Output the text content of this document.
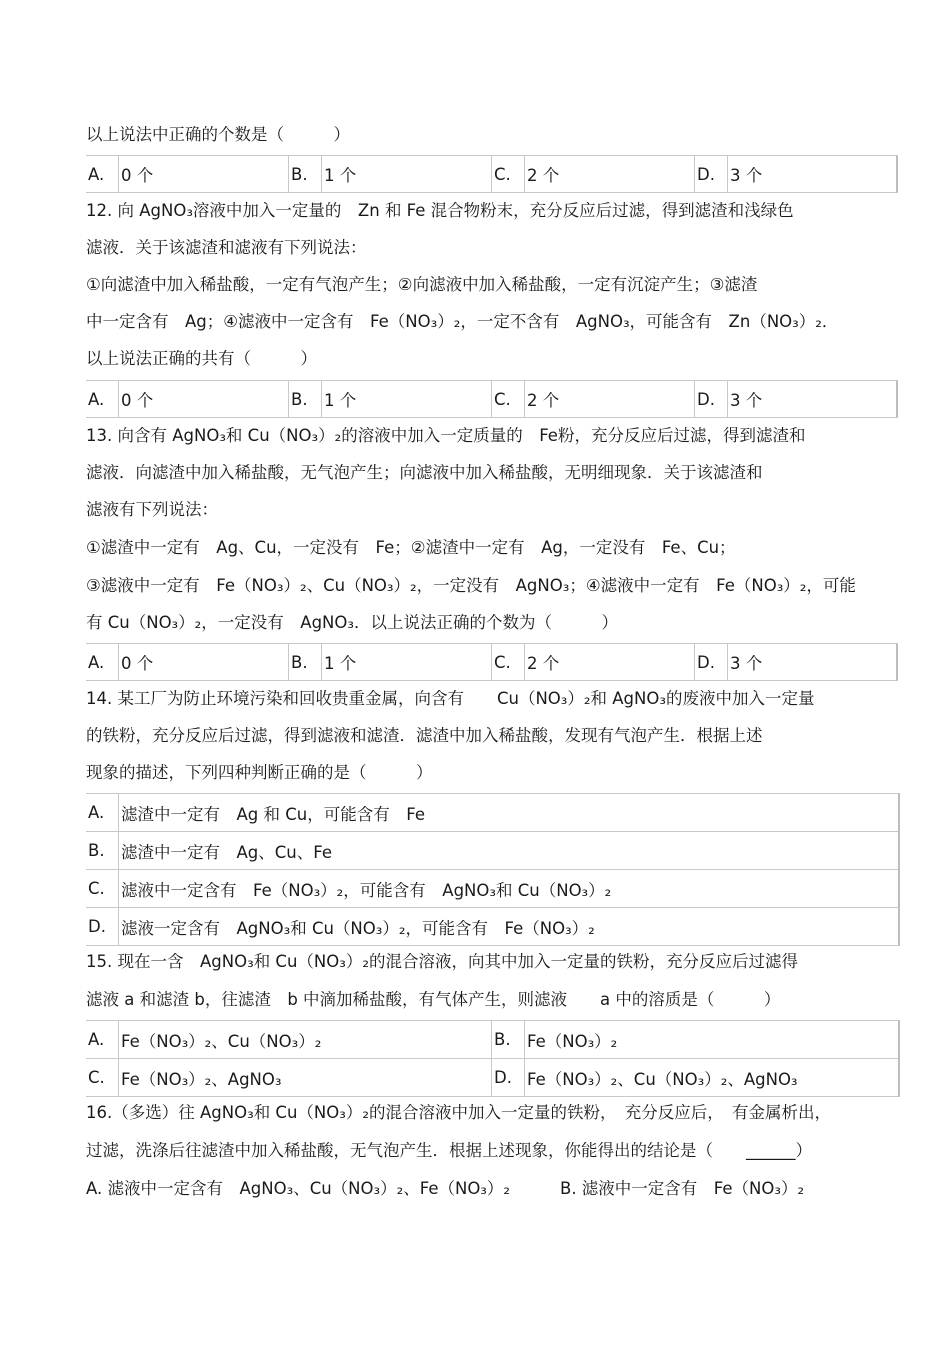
以上说法中正确的个数是（　　　）
A.	0 个	B. 1 个	C. 2 个	D. 3 个
12. 向 AgNO₃溶液中加入一定量的　Zn 和 Fe 混合物粉末，充分反应后过滤，得到滤渣和浅绿色
滤液．关于该滤渣和滤液有下列说法：
①向滤渣中加入稀盐酸，一定有气泡产生；②向滤液中加入稀盐酸，一定有沉淀产生；③滤渣
中一定含有　Ag；④滤液中一定含有　Fe（NO₃）₂，一定不含有　AgNO₃，可能含有　Zn（NO₃）₂．
以上说法正确的共有（　　　）
A.	0 个	B. 1 个	C. 2 个	D. 3 个
13. 向含有 AgNO₃和 Cu（NO₃）₂的溶液中加入一定质量的　Fe粉，充分反应后过滤，得到滤渣和
滤液．向滤渣中加入稀盐酸，无气泡产生；向滤液中加入稀盐酸，无明细现象．关于该滤渣和
滤液有下列说法：
①滤渣中一定有　Ag、Cu，一定没有　Fe；②滤渣中一定有　Ag，一定没有　Fe、Cu；
③滤液中一定有　Fe（NO₃）₂、Cu（NO₃）₂，一定没有　AgNO₃；④滤液中一定有　Fe（NO₃）₂，可能
有 Cu（NO₃）₂，一定没有　AgNO₃．以上说法正确的个数为（　　　）
A.	0 个	B. 1 个	C. 2 个	D. 3 个
14. 某工厂为防止环境污染和回收贵重金属，向含有　　Cu（NO₃）₂和 AgNO₃的废液中加入一定量
的铁粉，充分反应后过滤，得到滤液和滤渣．滤渣中加入稀盐酸，发现有气泡产生．根据上述
现象的描述，下列四种判断正确的是（　　　）
A.	滤渣中一定有　Ag 和 Cu，可能含有　Fe
B. 滤渣中一定有　Ag、Cu、Fe
C. 滤液中一定含有　Fe（NO₃）₂，可能含有　AgNO₃和 Cu（NO₃）₂
D. 滤液一定含有　AgNO₃和 Cu（NO₃）₂，可能含有　Fe（NO₃）₂
15. 现在一含　AgNO₃和 Cu（NO₃）₂的混合溶液，向其中加入一定量的铁粉，充分反应后过滤得
滤液 a 和滤渣 b，往滤渣　b 中滴加稀盐酸，有气体产生，则滤液　　a 中的溶质是（　　　）
A.	Fe（NO₃）₂、Cu（NO₃）₂	B. Fe（NO₃）₂
C. Fe（NO₃）₂、AgNO₃	D. Fe（NO₃）₂、Cu（NO₃）₂、AgNO₃
16.（多选）往 AgNO₃和 Cu（NO₃）₂的混合溶液中加入一定量的铁粉，　充分反应后，　有金属析出，
过滤，洗涤后往滤渣中加入稀盐酸，无气泡产生．根据上述现象，你能得出的结论是（　　______）
A. 滤液中一定含有　AgNO₃、Cu（NO₃）₂、Fe（NO₃）₂	B. 滤液中一定含有　Fe（NO₃）₂
